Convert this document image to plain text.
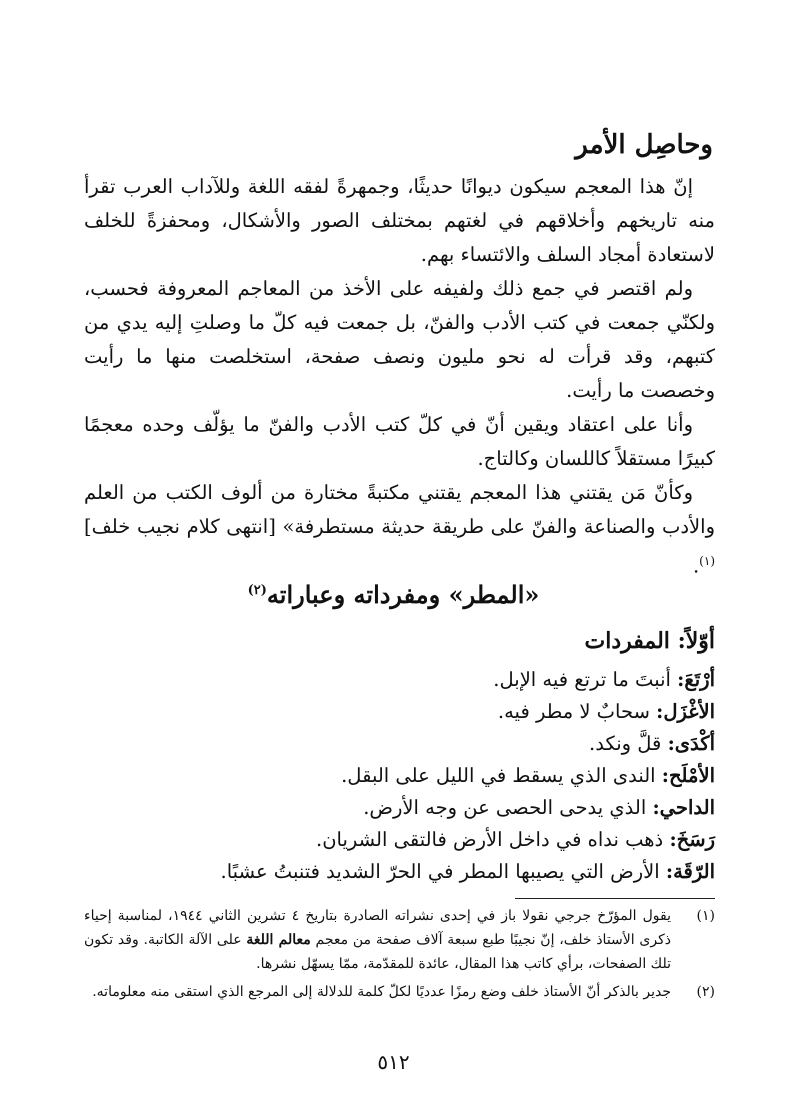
وحاصِل الأمر

إنّ هذا المعجم سيكون ديوانًا حديثًا، وجمهرةً لفقه اللغة وللآداب العرب تقرأ منه تاريخهم وأخلاقهم في لغتهم بمختلف الصور والأشكال، ومحفزةً للخلف لاستعادة أمجاد السلف والائتساء بهم.

ولم اقتصر في جمع ذلك ولفيفه على الأخذ من المعاجم المعروفة فحسب، ولكنّي جمعت في كتب الأدب والفنّ، بل جمعت فيه كلّ ما وصلتِ إليه يدي من كتبهم، وقد قرأت له نحو مليون ونصف صفحة، استخلصت منها ما رأيت وخصصت ما رأيت.

وأنا على اعتقاد ويقين أنّ في كلّ كتب الأدب والفنّ ما يؤلّف وحده معجمًا كبيرًا مستقلاً كاللسان وكالتاج.

وكأنّ مَن يقتني هذا المعجم يقتني مكتبةً مختارة من ألوف الكتب من العلم والأدب والصناعة والفنّ على طريقة حديثة مستطرفة» [انتهى كلام نجيب خلف]$^{(١)}$.

«المطر» ومفرداته وعباراته$^{(٢)}$
أوّلاً: المفردات
أرْتَعَ: أنبتَ ما ترتع فيه الإبل.
الأغْزَل: سحابٌ لا مطر فيه.
أكْدَى: قلَّ ونكد.
الأمْلَح: الندى الذي يسقط في الليل على البقل.
الداحي: الذي يدحى الحصى عن وجه الأرض.
رَسَخَ: ذهب نداه في داخل الأرض فالتقى الشريان.
الرّقَة: الأرض التي يصيبها المطر في الحرّ الشديد فتنبتُ عشبًا.
(١)
يقول المؤرّخ جرجي نقولا باز في إحدى نشراته الصادرة بتاريخ ٤ تشرين الثاني ١٩٤٤، لمناسبة إحياء ذكرى الأستاذ خلف، إنّ نجيبًا طبع سبعة آلاف صفحة من معجم معالم اللغة على الآلة الكاتبة. وقد تكون تلك الصفحات، برأي كاتب هذا المقال، عائدة للمقدّمة، ممّا يسهّل نشرها.
(٢)
جدير بالذكر أنّ الأستاذ خلف وضع رمزًا عدديًا لكلّ كلمة للدلالة إلى المرجع الذي استقى منه معلوماته.
٥١٢
